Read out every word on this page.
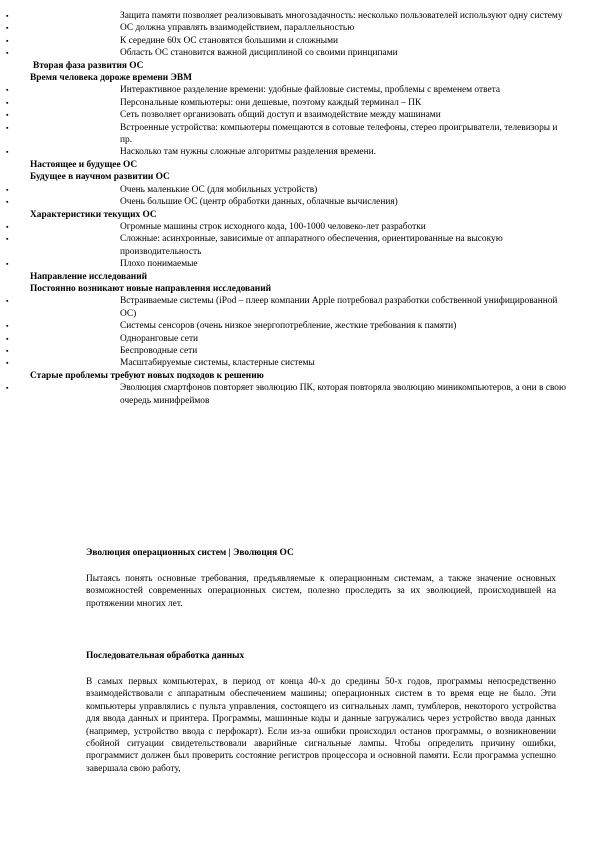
▪	Защита памяти позволяет реализовывать многозадачность: несколько пользователей используют одну систему
▪	ОС должна управлять взаимодействием, параллельностью
▪	К середине 60х ОС становятся большими и сложными
▪	Область ОС становится важной дисциплиной со своими принципами
Вторая фаза развития ОС
Время человека дороже времени ЭВМ
▪	Интерактивное разделение времени: удобные файловые системы, проблемы с временем ответа
▪	Персональные компьютеры: они дешевые, поэтому каждый терминал – ПК
▪	Сеть позволяет организовать общий доступ и взаимодействие между машинами
▪	Встроенные устройства: компьютеры помещаются в сотовые телефоны, стерео проигрыватели, телевизоры и пр.
▪	Насколько там нужны сложные алгоритмы разделения времени.
Настоящее и будущее ОС
Будущее в научном развитии ОС
▪	Очень маленькие ОС (для мобильных устройств)
▪	Очень большие ОС (центр обработки данных, облачные вычисления)
Характеристики текущих ОС
▪	Огромные машины строк исходного кода, 100-1000 человеко-лет разработки
▪	Сложные: асинхронные, зависимые от аппаратного обеспечения, ориентированные на высокую производительность
▪	Плохо понимаемые
Направление исследований
Постоянно возникают новые направления исследований
▪	Встраиваемые системы (iPod – плеер компании Apple потребовал разработки собственной унифицированной ОС)
▪	Системы сенсоров (очень низкое энергопотребление, жесткие требования к памяти)
▪	Одноранговые сети
▪	Беспроводные сети
▪	Масштабируемые системы, кластерные системы
Старые проблемы требуют новых подходов к решению
▪	Эволюция смартфонов повторяет эволюцию ПК, которая повторяла эволюцию миникомпьютеров, а они в свою очередь минифреймов
Эволюция операционных систем | Эволюция ОС
Пытаясь понять основные требования, предъявляемые к операционным системам, а также значение основных возможностей современных операционных систем, полезно проследить за их эволюцией, происходившей на протяжении многих лет.
Последовательная обработка данных
В самых первых компьютерах, в период от конца 40-х до средины 50-х годов, программы непосредственно взаимодействовали с аппаратным обеспечением машины; операционных систем в то время еще не было. Эти компьютеры управлялись с пульта управления, состоящего из сигнальных ламп, тумблеров, некоторого устройства для ввода данных и принтера. Программы, машинные коды и данные загружались через устройство ввода данных (например, устройство ввода с перфокарт). Если из-за ошибки происходил останов программы, о возникновении сбойной ситуации свидетельствовали аварийные сигнальные лампы. Чтобы определить причину ошибки, программист должен был проверить состояние регистров процессора и основной памяти. Если программа успешно завершала свою работу,
